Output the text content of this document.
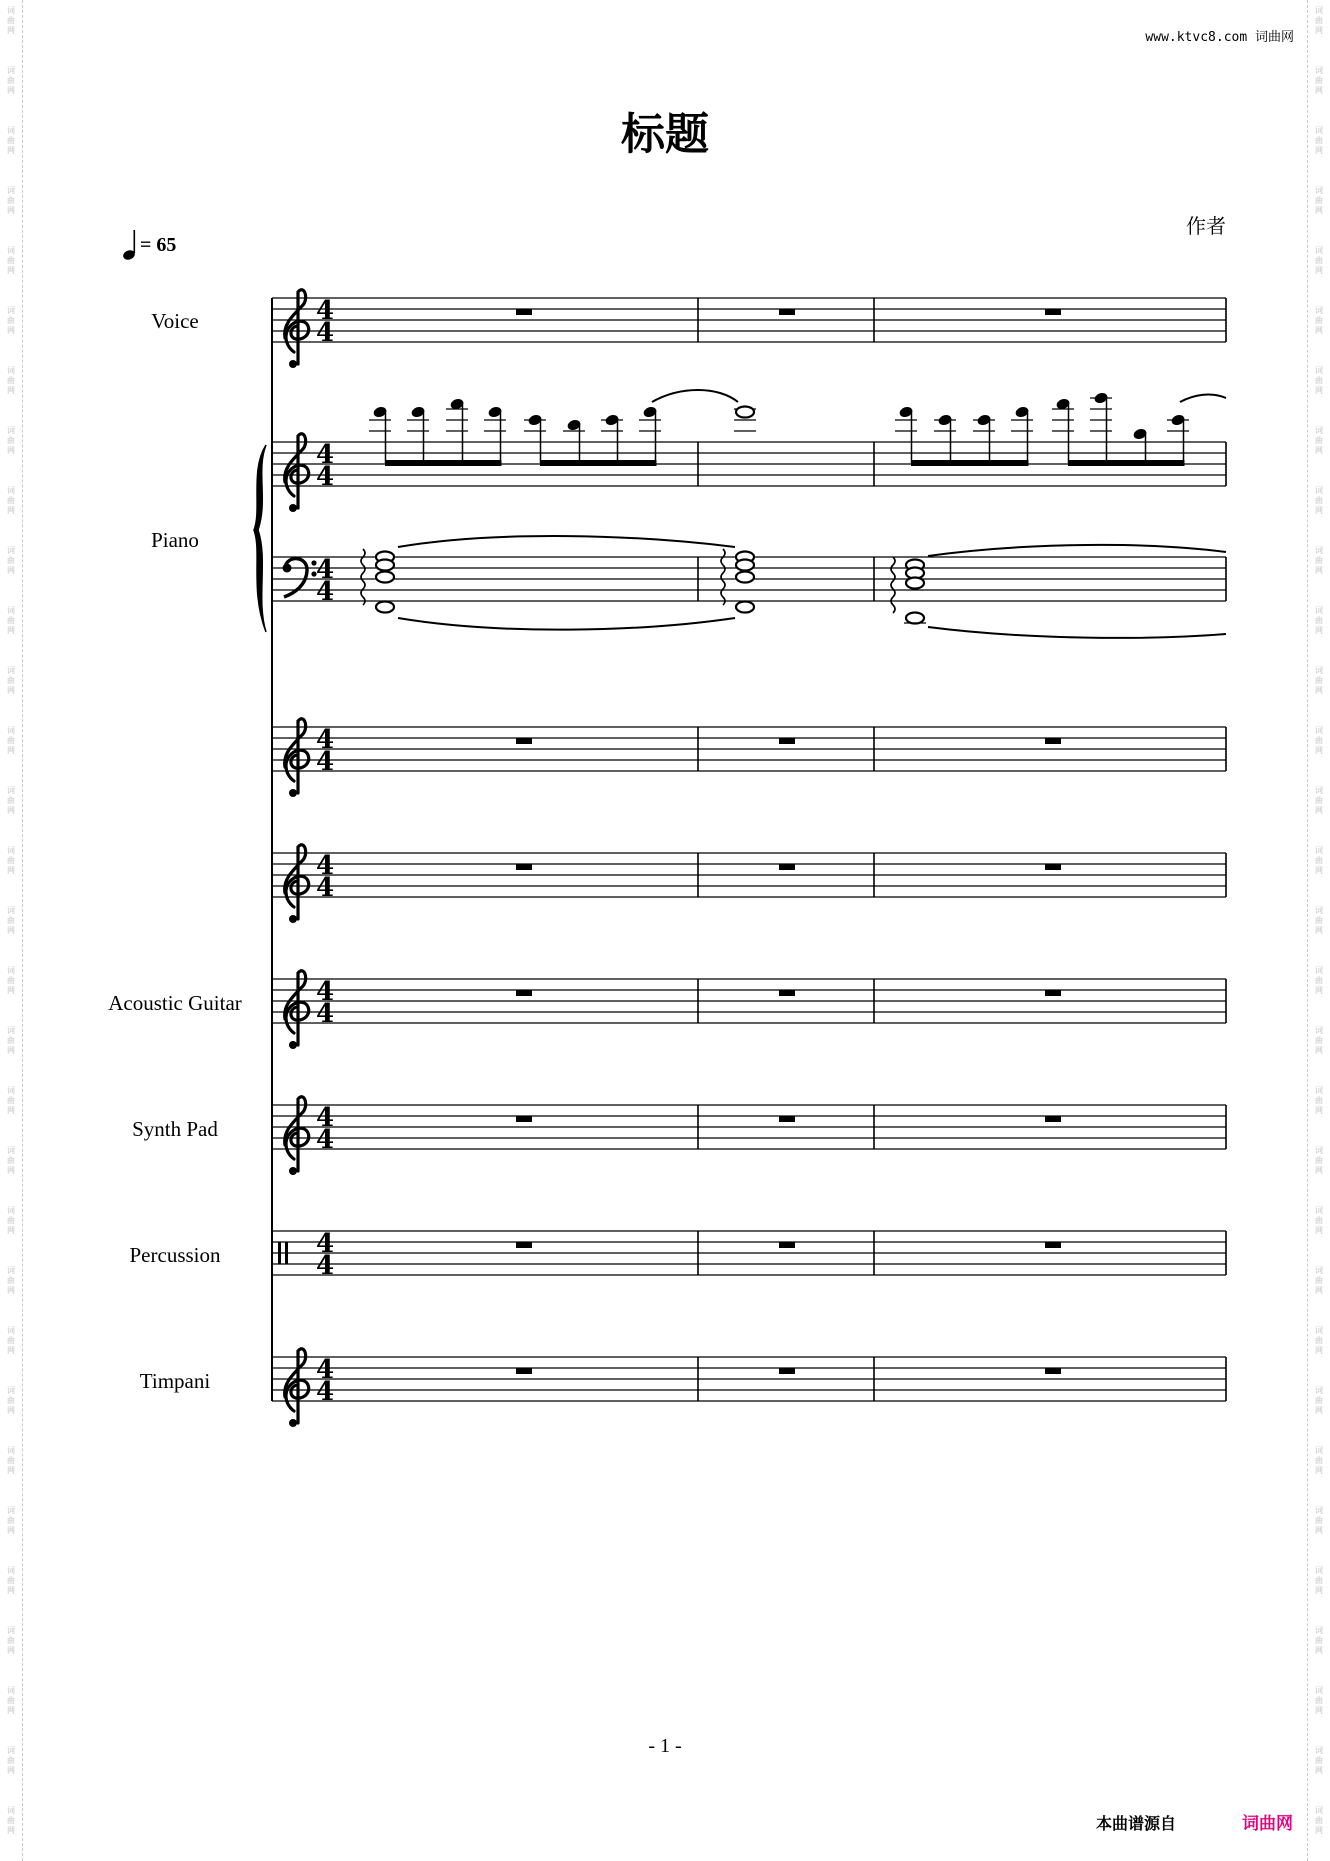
词
曲
网
词
曲
网
词
曲
网
词
曲
网
词
曲
网
词
曲
网
词
曲
网
词
曲
网
词
曲
网
词
曲
网
词
曲
网
词
曲
网
词
曲
网
词
曲
网
词
曲
网
词
曲
网
词
曲
网
词
曲
网
词
曲
网
词
曲
网
词
曲
网
词
曲
网
词
曲
网
词
曲
网
词
曲
网
词
曲
网
词
曲
网
词
曲
网
词
曲
网
词
曲
网
词
曲
网
词
曲
网
词
曲
网
词
曲
网
词
曲
网
词
曲
网
词
曲
网
词
曲
网
词
曲
网
词
曲
网
词
曲
网
词
曲
网
词
曲
网
词
曲
网
词
曲
网
词
曲
网
词
曲
网
词
曲
网
词
曲
网
词
曲
网
词
曲
网
词
曲
网
词
曲
网
词
曲
网
词
曲
网
词
曲
网
词
曲
网
词
曲
网
词
曲
网
词
曲
网
词
曲
网
词
曲
网
www.ktvc8.com 词曲网
标题
作者
= 65
Voice
Piano
Acoustic Guitar
Synth Pad
Percussion
Timpani
4
4
4
4
4
4
4
4
4
4
4
4
4
4
4
4
4
4
- 1 -
本曲谱源自	词曲网
